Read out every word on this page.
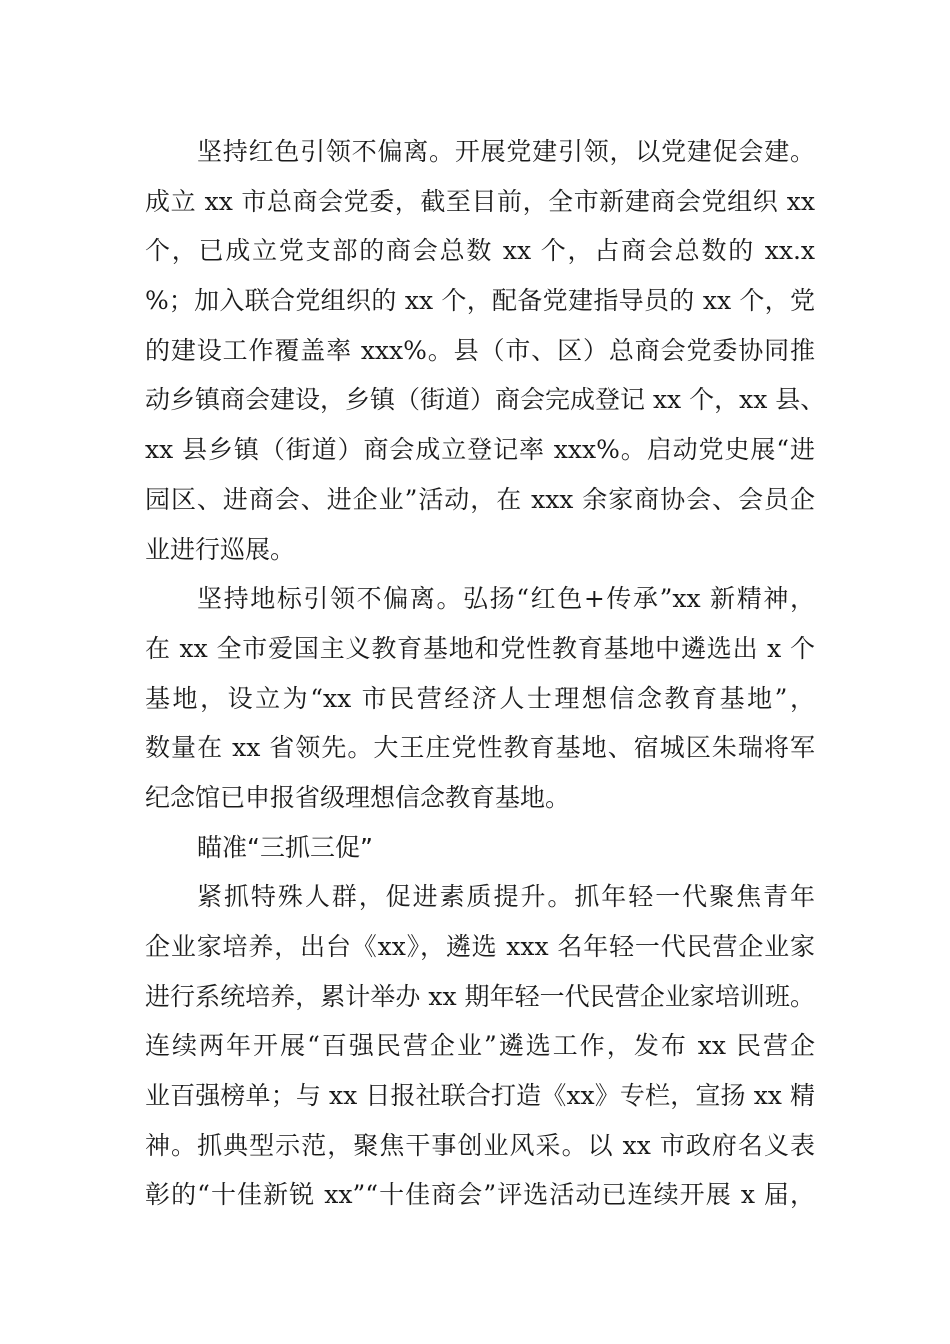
坚持红色引领不偏离。开展党建引领，以党建促会建。
成立 xx 市总商会党委，截至目前，全市新建商会党组织 xx
个，已成立党支部的商会总数 xx 个，占商会总数的 xx.x
%；加入联合党组织的 xx 个，配备党建指导员的 xx 个，党
的建设工作覆盖率 xxx%。县（市、区）总商会党委协同推
动乡镇商会建设，乡镇（街道）商会完成登记 xx 个，xx 县、
xx 县乡镇（街道）商会成立登记率 xxx%。启动党史展“进
园区、进商会、进企业”活动，在 xxx 余家商协会、会员企
业进行巡展。
坚持地标引领不偏离。弘扬“红色+传承”xx 新精神，
在 xx 全市爱国主义教育基地和党性教育基地中遴选出 x 个
基地，设立为“xx 市民营经济人士理想信念教育基地”，
数量在 xx 省领先。大王庄党性教育基地、宿城区朱瑞将军
纪念馆已申报省级理想信念教育基地。
瞄准“三抓三促”
紧抓特殊人群，促进素质提升。抓年轻一代聚焦青年
企业家培养，出台《xx》，遴选 xxx 名年轻一代民营企业家
进行系统培养，累计举办 xx 期年轻一代民营企业家培训班。
连续两年开展“百强民营企业”遴选工作，发布 xx 民营企
业百强榜单；与 xx 日报社联合打造《xx》专栏，宣扬 xx 精
神。抓典型示范，聚焦干事创业风采。以 xx 市政府名义表
彰的“十佳新锐 xx”“十佳商会”评选活动已连续开展 x 届，
